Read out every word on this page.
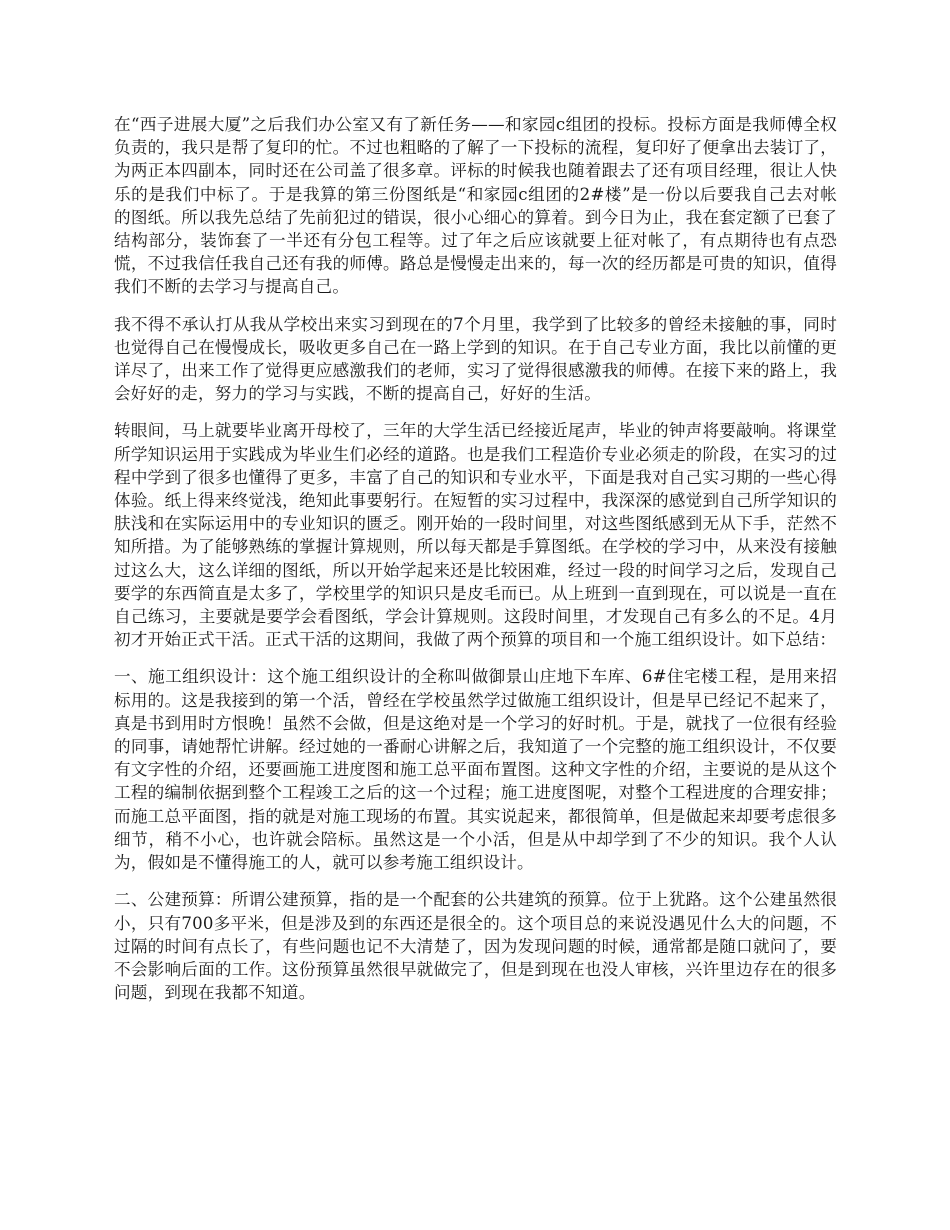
在“西子进展大厦”之后我们办公室又有了新任务——和家园c组团的投标。投标方面是我师傅全权负责的，我只是帮了复印的忙。不过也粗略的了解了一下投标的流程，复印好了便拿出去装订了，为两正本四副本，同时还在公司盖了很多章。评标的时候我也随着跟去了还有项目经理，很让人快乐的是我们中标了。于是我算的第三份图纸是“和家园c组团的2#楼”是一份以后要我自己去对帐的图纸。所以我先总结了先前犯过的错误，很小心细心的算着。到今日为止，我在套定额了已套了结构部分，装饰套了一半还有分包工程等。过了年之后应该就要上征对帐了，有点期待也有点恐慌，不过我信任我自己还有我的师傅。路总是慢慢走出来的，每一次的经历都是可贵的知识，值得我们不断的去学习与提高自己。

我不得不承认打从我从学校出来实习到现在的7个月里，我学到了比较多的曾经未接触的事，同时也觉得自己在慢慢成长，吸收更多自己在一路上学到的知识。在于自己专业方面，我比以前懂的更详尽了，出来工作了觉得更应感激我们的老师，实习了觉得很感激我的师傅。在接下来的路上，我会好好的走，努力的学习与实践，不断的提高自己，好好的生活。

转眼间，马上就要毕业离开母校了，三年的大学生活已经接近尾声，毕业的钟声将要敲响。将课堂所学知识运用于实践成为毕业生们必经的道路。也是我们工程造价专业必须走的阶段，在实习的过程中学到了很多也懂得了更多，丰富了自己的知识和专业水平，下面是我对自己实习期的一些心得体验。纸上得来终觉浅，绝知此事要躬行。在短暂的实习过程中，我深深的感觉到自己所学知识的肤浅和在实际运用中的专业知识的匮乏。刚开始的一段时间里，对这些图纸感到无从下手，茫然不知所措。为了能够熟练的掌握计算规则，所以每天都是手算图纸。在学校的学习中，从来没有接触过这么大，这么详细的图纸，所以开始学起来还是比较困难，经过一段的时间学习之后，发现自己要学的东西简直是太多了，学校里学的知识只是皮毛而已。从上班到一直到现在，可以说是一直在自己练习，主要就是要学会看图纸，学会计算规则。这段时间里，才发现自己有多么的不足。4月初才开始正式干活。正式干活的这期间，我做了两个预算的项目和一个施工组织设计。如下总结：

一、施工组织设计：这个施工组织设计的全称叫做御景山庄地下车库、6#住宅楼工程，是用来招标用的。这是我接到的第一个活，曾经在学校虽然学过做施工组织设计，但是早已经记不起来了，真是书到用时方恨晚！虽然不会做，但是这绝对是一个学习的好时机。于是，就找了一位很有经验的同事，请她帮忙讲解。经过她的一番耐心讲解之后，我知道了一个完整的施工组织设计，不仅要有文字性的介绍，还要画施工进度图和施工总平面布置图。这种文字性的介绍，主要说的是从这个工程的编制依据到整个工程竣工之后的这一个过程；施工进度图呢，对整个工程进度的合理安排；而施工总平面图，指的就是对施工现场的布置。其实说起来，都很简单，但是做起来却要考虑很多细节，稍不小心，也许就会陪标。虽然这是一个小活，但是从中却学到了不少的知识。我个人认为，假如是不懂得施工的人，就可以参考施工组织设计。

二、公建预算：所谓公建预算，指的是一个配套的公共建筑的预算。位于上犹路。这个公建虽然很小，只有700多平米，但是涉及到的东西还是很全的。这个项目总的来说没遇见什么大的问题，不过隔的时间有点长了，有些问题也记不大清楚了，因为发现问题的时候，通常都是随口就问了，要不会影响后面的工作。这份预算虽然很早就做完了，但是到现在也没人审核，兴许里边存在的很多问题，到现在我都不知道。
